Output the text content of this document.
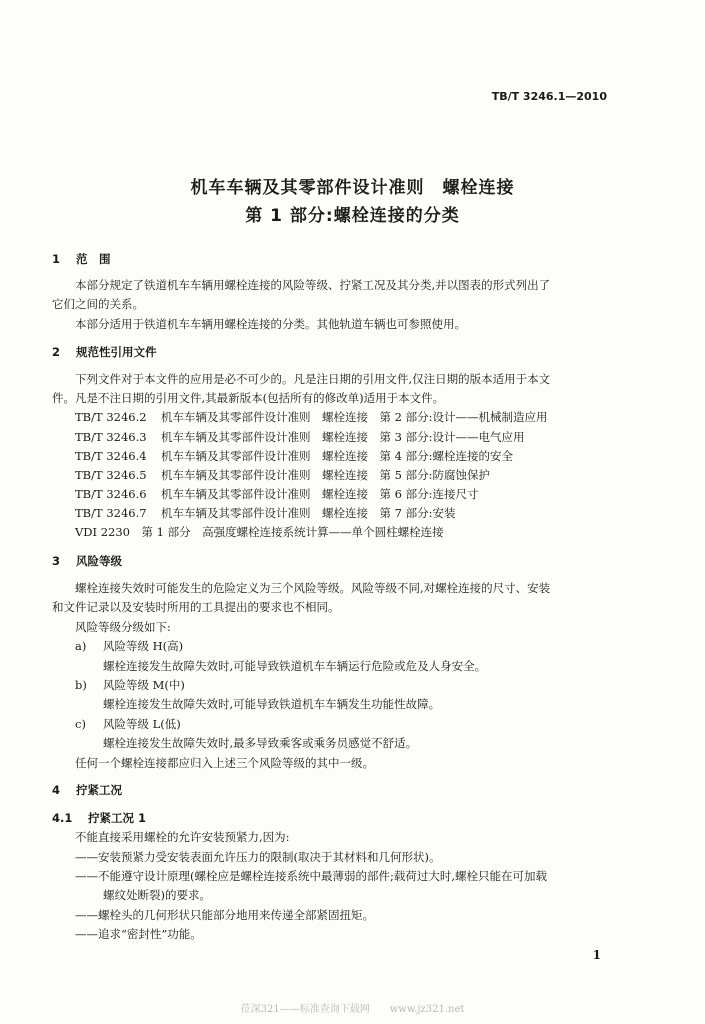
TB/T 3246.1—2010
机车车辆及其零部件设计准则　螺栓连接
第 1 部分:螺栓连接的分类
1 范　围
本部分规定了铁道机车车辆用螺栓连接的风险等级、拧紧工况及其分类,并以图表的形式列出了
它们之间的关系。
本部分适用于铁道机车车辆用螺栓连接的分类。其他轨道车辆也可参照使用。
2 规范性引用文件
下列文件对于本文件的应用是必不可少的。凡是注日期的引用文件,仅注日期的版本适用于本文
件。凡是不注日期的引用文件,其最新版本(包括所有的修改单)适用于本文件。
TB/T 3246.2 机车车辆及其零部件设计准则　螺栓连接　第 2 部分:设计——机械制造应用
TB/T 3246.3 机车车辆及其零部件设计准则　螺栓连接　第 3 部分:设计——电气应用
TB/T 3246.4 机车车辆及其零部件设计准则　螺栓连接　第 4 部分:螺栓连接的安全
TB/T 3246.5 机车车辆及其零部件设计准则　螺栓连接　第 5 部分:防腐蚀保护
TB/T 3246.6 机车车辆及其零部件设计准则　螺栓连接　第 6 部分:连接尺寸
TB/T 3246.7 机车车辆及其零部件设计准则　螺栓连接　第 7 部分:安装
VDI 2230　第 1 部分　高强度螺栓连接系统计算——单个圆柱螺栓连接
3 风险等级
螺栓连接失效时可能发生的危险定义为三个风险等级。风险等级不同,对螺栓连接的尺寸、安装
和文件记录以及安装时所用的工具提出的要求也不相同。
风险等级分级如下:
a) 风险等级 H(高)
螺栓连接发生故障失效时,可能导致铁道机车车辆运行危险或危及人身安全。
b) 风险等级 M(中)
螺栓连接发生故障失效时,可能导致铁道机车车辆发生功能性故障。
c) 风险等级 L(低)
螺栓连接发生故障失效时,最多导致乘客或乘务员感觉不舒适。
任何一个螺栓连接都应归入上述三个风险等级的其中一级。
4 拧紧工况
4.1 拧紧工况 1
不能直接采用螺栓的允许安装预紧力,因为:
——安装预紧力受安装表面允许压力的限制(取决于其材料和几何形状)。
——不能遵守设计原理(螺栓应是螺栓连接系统中最薄弱的部件;载荷过大时,螺栓只能在可加载
螺纹处断裂)的要求。
——螺栓头的几何形状只能部分地用来传递全部紧固扭矩。
——追求“密封性”功能。
1
莅深321——标准查询下载网　　www.jz321.net
